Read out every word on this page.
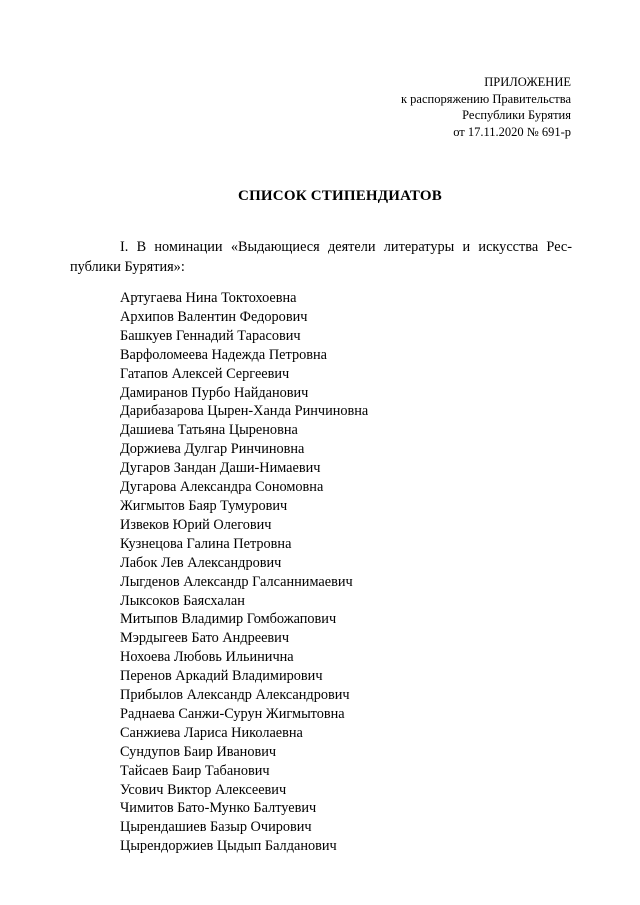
ПРИЛОЖЕНИЕ
к распоряжению Правительства
Республики Бурятия
от 17.11.2020 № 691-р
СПИСОК СТИПЕНДИАТОВ
I. В номинации «Выдающиеся деятели литературы и искусства Рес-
публики Бурятия»:
Артугаева Нина Токтохоевна
Архипов Валентин Федорович
Башкуев Геннадий Тарасович
Варфоломеева Надежда Петровна
Гатапов Алексей Сергеевич
Дамиранов Пурбо Найданович
Дарибазарова Цырен-Ханда Ринчиновна
Дашиева Татьяна Цыреновна
Доржиева Дулгар Ринчиновна
Дугаров Зандан Даши-Нимаевич
Дугарова Александра Сономовна
Жигмытов Баяр Тумурович
Извеков Юрий Олегович
Кузнецова Галина Петровна
Лабок Лев Александрович
Лыгденов Александр Галсаннимаевич
Лыксоков Баясхалан
Митыпов Владимир Гомбожапович
Мэрдыгеев Бато Андреевич
Нохоева Любовь Ильинична
Перенов Аркадий Владимирович
Прибылов Александр Александрович
Раднаева Санжи-Сурун Жигмытовна
Санжиева Лариса Николаевна
Сундупов Баир Иванович
Тайсаев Баир Табанович
Усович Виктор Алексеевич
Чимитов Бато-Мунко Балтуевич
Цырендашиев Базыр Очирович
Цырендоржиев Цыдып Балданович
